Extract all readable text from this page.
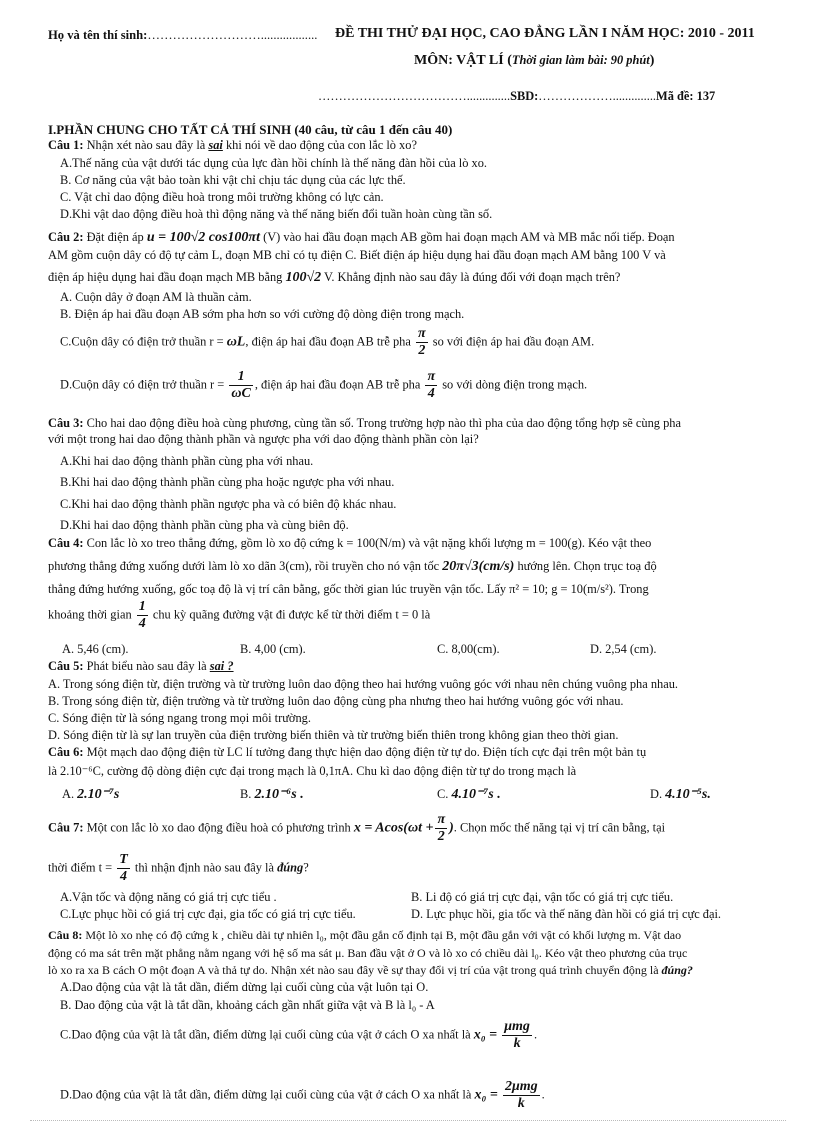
Họ và tên thí sinh:……………………….................. ĐỀ THI THỬ ĐẠI HỌC, CAO ĐẲNG LẦN I NĂM HỌC: 2010 - 2011
MÔN: VẬT LÍ (Thời gian làm bài: 90 phút)
………………………………..............SBD:………………..............Mã đề: 137
I.PHẦN CHUNG CHO TẤT CẢ THÍ SINH (40 câu, từ câu 1 đến câu 40)
Câu 1: Nhận xét nào sau đây là sai khi nói về dao động của con lắc lò xo?
A.Thế năng của vật dưới tác dụng của lực đàn hồi chính là thế năng đàn hồi của lò xo.
B. Cơ năng của vật bảo toàn khi vật chỉ chịu tác dụng của các lực thế.
C. Vật chỉ dao động điều hoà trong môi trường không có lực cản.
D.Khi vật dao động điều hoà thì động năng và thế năng biến đổi tuần hoàn cùng tần số.
Câu 2: Đặt điện áp u = 100√2 cos100πt (V) vào hai đầu đoạn mạch AB gồm hai đoạn mạch AM và MB mắc nối tiếp. Đoạn
AM gồm cuộn dây có độ tự cảm L, đoạn MB chỉ có tụ điện C. Biết điện áp hiệu dụng hai đầu đoạn mạch AM bằng 100 V và
điện áp hiệu dụng hai đầu đoạn mạch MB bằng 100√2 V. Khẳng định nào sau đây là đúng đối với đoạn mạch trên?
A. Cuộn dây ở đoạn AM là thuần cảm.
B. Điện áp hai đầu đoạn AB sớm pha hơn so với cường độ dòng điện trong mạch.
C.Cuộn dây có điện trở thuần r = ωL, điện áp hai đầu đoạn AB trễ pha $\frac{\pi}{2}$ so với điện áp hai đầu đoạn AM.
D.Cuộn dây có điện trở thuần $r = \frac{1}{\omega C}$ , điện áp hai đầu đoạn AB trễ pha $\frac{\pi}{4}$ so với dòng điện trong mạch.
Câu 3: Cho hai dao động điều hoà cùng phương, cùng tần số. Trong trường hợp nào thì pha của dao động tổng hợp sẽ cùng pha
với một trong hai dao động thành phần và ngược pha với dao động thành phần còn lại?
A.Khi hai dao động thành phần cùng pha với nhau.
B.Khi hai dao động thành phần cùng pha hoặc ngược pha với nhau.
C.Khi hai dao động thành phần ngược pha và có biên độ khác nhau.
D.Khi hai dao động thành phần cùng pha và cùng biên độ.
Câu 4: Con lắc lò xo treo thẳng đứng, gồm lò xo độ cứng k = 100(N/m) và vật nặng khối lượng m = 100(g). Kéo vật theo
phương thẳng đứng xuống dưới làm lò xo dãn 3(cm), rồi truyền cho nó vận tốc 20π√3(cm/s) hướng lên. Chọn trục toạ độ
thẳng đứng hướng xuống, gốc toạ độ là vị trí cân bằng, gốc thời gian lúc truyền vận tốc. Lấy π² = 10; g = 10(m/s²). Trong
khoảng thời gian $\frac{1}{4}$ chu kỳ quãng đường vật đi được kể từ thời điểm t = 0 là
A. 5,46 (cm).	B. 4,00 (cm).	C. 8,00(cm).	D. 2,54 (cm).
Câu 5: Phát biểu nào sau đây là sai ?
A. Trong sóng điện từ, điện trường và từ trường luôn dao động theo hai hướng vuông góc với nhau nên chúng vuông pha nhau.
B. Trong sóng điện từ, điện trường và từ trường luôn dao động cùng pha nhưng theo hai hướng vuông góc với nhau.
C. Sóng điện từ là sóng ngang trong mọi môi trường.
D. Sóng điện từ là sự lan truyền của điện trường biến thiên và từ trường biến thiên trong không gian theo thời gian.
Câu 6: Một mạch dao động điện từ LC lí tưởng đang thực hiện dao động điện từ tự do. Điện tích cực đại trên một bản tụ
là 2.10⁻⁶C, cường độ dòng điện cực đại trong mạch là 0,1πA. Chu kì dao động điện từ tự do trong mạch là
A. 2.10⁻⁷s	B. 2.10⁻⁶s .	C. 4.10⁻⁷s .	D. 4.10⁻⁵s.
Câu 7: Một con lắc lò xo dao động điều hoà có phương trình $x = Acos(\omega t + \frac{\pi}{2}$ ). Chọn mốc thế năng tại vị trí cân bằng, tại
thời điểm $t = \frac{T}{4}$ thì nhận định nào sau đây là đúng?
A.Vận tốc và động năng có giá trị cực tiểu .	B. Li độ có giá trị cực đại, vận tốc có giá trị cực tiểu.
C.Lực phục hồi có giá trị cực đại, gia tốc có giá trị cực tiểu.	D. Lực phục hồi, gia tốc và thế năng đàn hồi có giá trị cực đại.
Câu 8: Một lò xo nhẹ có độ cứng k , chiều dài tự nhiên l₀, một đầu gắn cố định tại B, một đầu gắn với vật có khối lượng m. Vật dao
động có ma sát trên mặt phẳng nằm ngang với hệ số ma sát μ. Ban đầu vật ở O và lò xo có chiều dài l₀. Kéo vật theo phương của trục
lò xo ra xa B cách O một đoạn A và thả tự do. Nhận xét nào sau đây về sự thay đổi vị trí của vật trong quá trình chuyển động là đúng?
A.Dao động của vật là tắt dần, điểm dừng lại cuối cùng của vật luôn tại O.
B. Dao động của vật là tắt dần, khoảng cách gần nhất giữa vật và B là l₀ - A
C.Dao động của vật là tắt dần, điểm dừng lại cuối cùng của vật ở cách O xa nhất là $x_0 = \frac{\text{μmg}}{k}$ .
D.Dao động của vật là tắt dần, điểm dừng lại cuối cùng của vật ở cách O xa nhất là $x_0 = \frac{\text{2μmg}}{k}$ .
